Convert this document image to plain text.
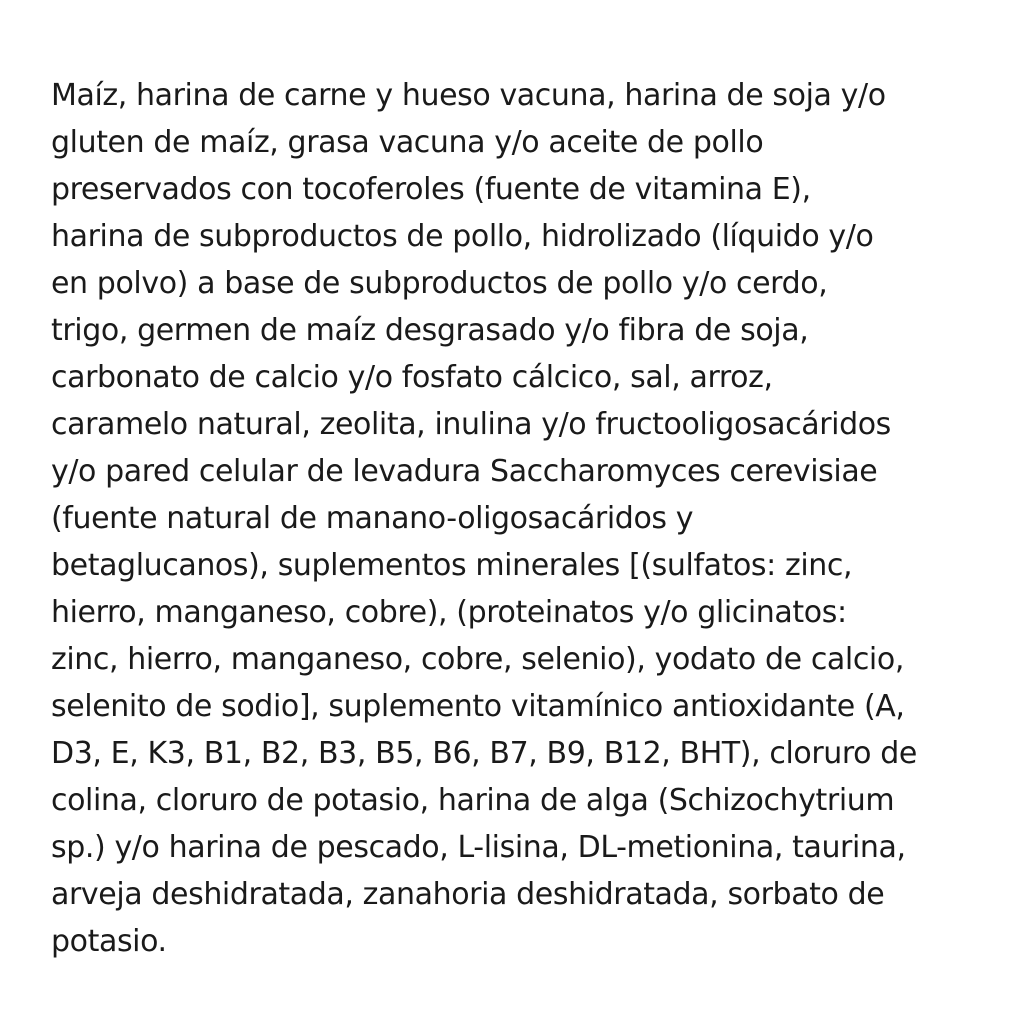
Maíz, harina de carne y hueso vacuna, harina de soja y/o
gluten de maíz, grasa vacuna y/o aceite de pollo
preservados con tocoferoles (fuente de vitamina E),
harina de subproductos de pollo, hidrolizado (líquido y/o
en polvo) a base de subproductos de pollo y/o cerdo,
trigo, germen de maíz desgrasado y/o fibra de soja,
carbonato de calcio y/o fosfato cálcico, sal, arroz,
caramelo natural, zeolita, inulina y/o fructooligosacáridos
y/o pared celular de levadura Saccharomyces cerevisiae
(fuente natural de manano-oligosacáridos y
betaglucanos), suplementos minerales [(sulfatos: zinc,
hierro, manganeso, cobre), (proteinatos y/o glicinatos:
zinc, hierro, manganeso, cobre, selenio), yodato de calcio,
selenito de sodio], suplemento vitamínico antioxidante (A,
D3, E, K3, B1, B2, B3, B5, B6, B7, B9, B12, BHT), cloruro de
colina, cloruro de potasio, harina de alga (Schizochytrium
sp.) y/o harina de pescado, L-lisina, DL-metionina, taurina,
arveja deshidratada, zanahoria deshidratada, sorbato de
potasio.
